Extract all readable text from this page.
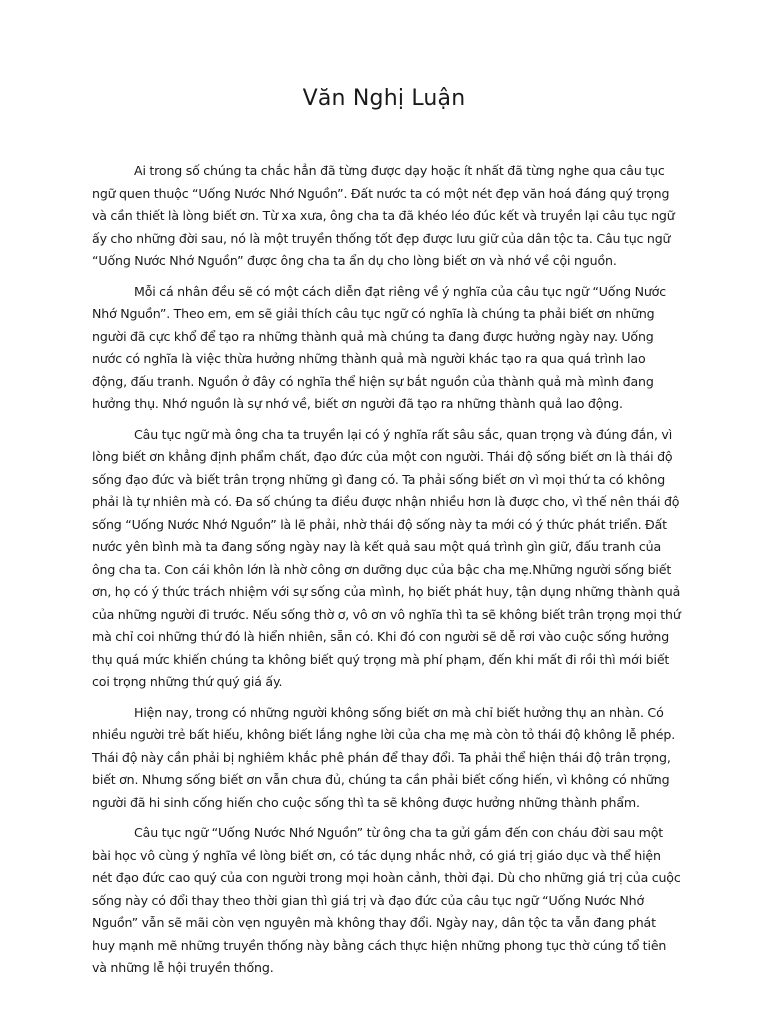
Văn Nghị Luận

Ai trong số chúng ta chắc hẳn đã từng được dạy hoặc ít nhất đã từng nghe qua câu tục ngữ quen thuộc “Uống Nước Nhớ Nguồn”. Đất nước ta có một nét đẹp văn hoá đáng quý trọng và cần thiết là lòng biết ơn. Từ xa xưa, ông cha ta đã khéo léo đúc kết và truyền lại câu tục ngữ ấy cho những đời sau, nó là một truyền thống tốt đẹp được lưu giữ của dân tộc ta. Câu tục ngữ “Uống Nước Nhớ Nguồn” được ông cha ta ẩn dụ cho lòng biết ơn và nhớ về cội nguồn.

Mỗi cá nhân đều sẽ có một cách diễn đạt riêng về ý nghĩa của câu tục ngữ “Uống Nước Nhớ Nguồn”. Theo em, em sẽ giải thích câu tục ngữ có nghĩa là chúng ta phải biết ơn những người đã cực khổ để tạo ra những thành quả mà chúng ta đang được hưởng ngày nay. Uống nước có nghĩa là việc thừa hưởng những thành quả mà người khác tạo ra qua quá trình lao động, đấu tranh. Nguồn ở đây có nghĩa thể hiện sự bắt nguồn của thành quả mà mình đang hưởng thụ. Nhớ nguồn là sự nhớ về, biết ơn người đã tạo ra những thành quả lao động.

Câu tục ngữ mà ông cha ta truyền lại có ý nghĩa rất sâu sắc, quan trọng và đúng đắn, vì lòng biết ơn khẳng định phẩm chất, đạo đức của một con người. Thái độ sống biết ơn là thái độ sống đạo đức và biết trân trọng những gì đang có. Ta phải sống biết ơn vì mọi thứ ta có không phải là tự nhiên mà có. Đa số chúng ta điều được nhận nhiều hơn là được cho, vì thế nên thái độ sống “Uống Nước Nhớ Nguồn” là lẽ phải, nhờ thái độ sống này ta mới có ý thức phát triển. Đất nước yên bình mà ta đang sống ngày nay là kết quả sau một quá trình gìn giữ, đấu tranh của ông cha ta. Con cái khôn lớn là nhờ công ơn dưỡng dục của bậc cha mẹ.Những người sống biết ơn, họ có ý thức trách nhiệm với sự sống của mình, họ biết phát huy, tận dụng những thành quả của những người đi trước. Nếu sống thờ ơ, vô ơn vô nghĩa thì ta sẽ không biết trân trọng mọi thứ mà chỉ coi những thứ đó là hiển nhiên, sẵn có. Khi đó con người sẽ dễ rơi vào cuộc sống hưởng thụ quá mức khiến chúng ta không biết quý trọng mà phí phạm, đến khi mất đi rồi thì mới biết coi trọng những thứ quý giá ấy.

Hiện nay, trong có những người không sống biết ơn mà chỉ biết hưởng thụ an nhàn. Có nhiều người trẻ bất hiếu, không biết lắng nghe lời của cha mẹ mà còn tỏ thái độ không lễ phép. Thái độ này cần phải bị nghiêm khắc phê phán để thay đổi. Ta phải thể hiện thái độ trân trọng, biết ơn. Nhưng sống biết ơn vẫn chưa đủ, chúng ta cần phải biết cống hiến, vì không có những người đã hi sinh cống hiến cho cuộc sống thì ta sẽ không được hưởng những thành phẩm.

Câu tục ngữ “Uống Nước Nhớ Nguồn” từ ông cha ta gửi gắm đến con cháu đời sau một bài học vô cùng ý nghĩa về lòng biết ơn, có tác dụng nhắc nhở, có giá trị giáo dục và thể hiện nét đạo đức cao quý của con người trong mọi hoàn cảnh, thời đại. Dù cho những giá trị của cuộc sống này có đổi thay theo thời gian thì giá trị và đạo đức của câu tục ngữ “Uống Nước Nhớ Nguồn” vẫn sẽ mãi còn vẹn nguyên mà không thay đổi. Ngày nay, dân tộc ta vẫn đang phát huy mạnh mẽ những truyền thống này bằng cách thực hiện những phong tục thờ cúng tổ tiên và những lễ hội truyền thống.
